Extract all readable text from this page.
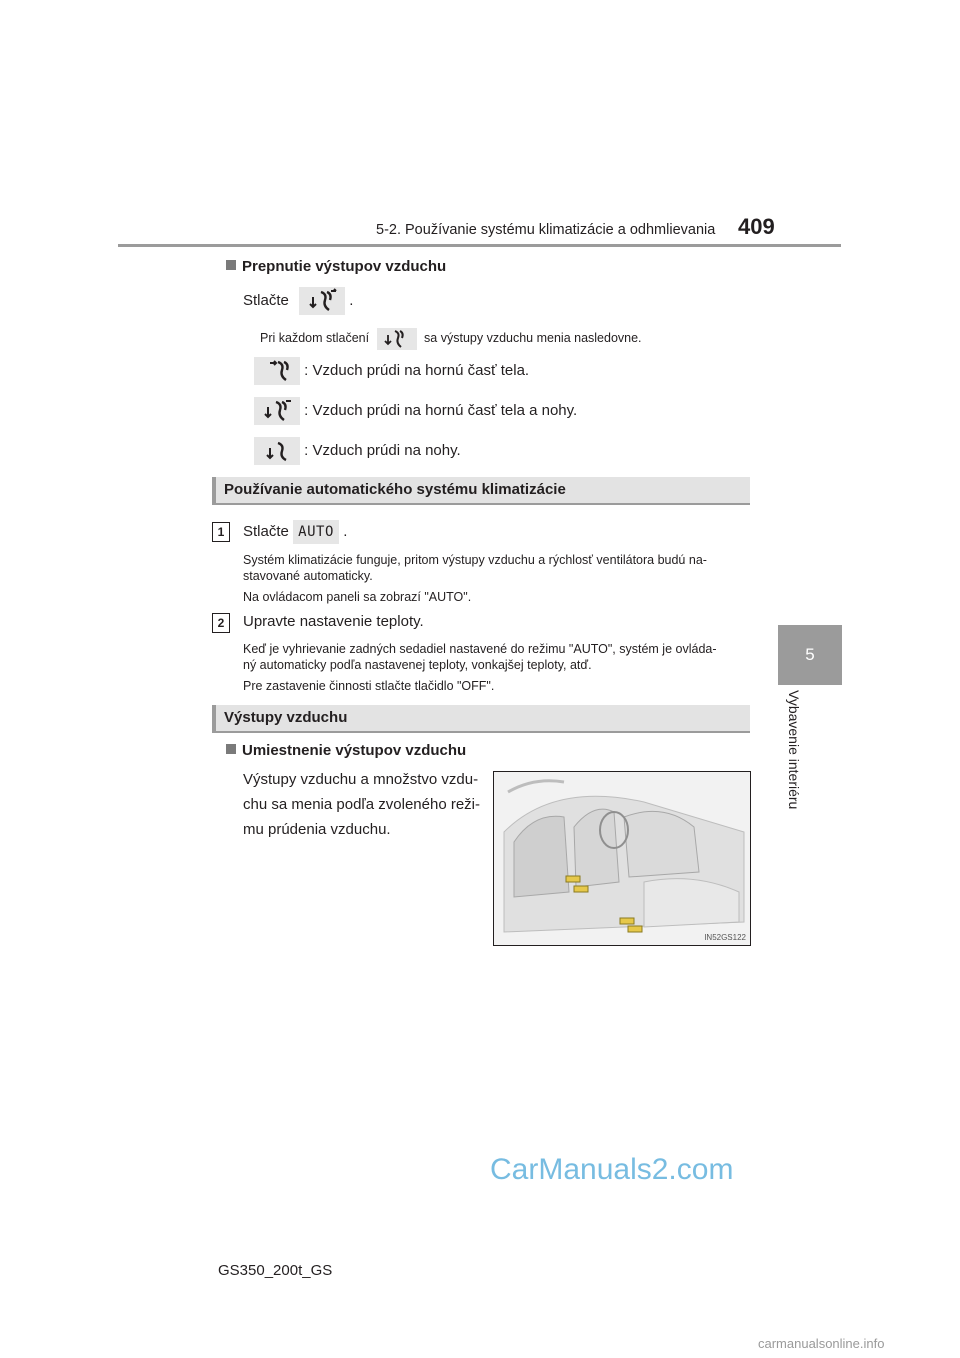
5-2. Používanie systému klimatizácie a odhmlievania 409
5
Vybavenie interiéru
Prepnutie výstupov vzduchu
Stlačte	.
Pri každom stlačení	sa výstupy vzduchu menia nasledovne.
: Vzduch prúdi na hornú časť tela.
: Vzduch prúdi na hornú časť tela a nohy.
: Vzduch prúdi na nohy.
Používanie automatického systému klimatizácie
1	Stlačte AUTO .
Systém klimatizácie funguje, pritom výstupy vzduchu a rýchlosť ventilátora budú na-
stavované automaticky.
Na ovládacom paneli sa zobrazí "AUTO".
2	Upravte nastavenie teploty.
Keď je vyhrievanie zadných sedadiel nastavené do režimu "AUTO", systém je ovláda-
ný automaticky podľa nastavenej teploty, vonkajšej teploty, atď.
Pre zastavenie činnosti stlačte tlačidlo "OFF".
Výstupy vzduchu
Umiestnenie výstupov vzduchu
Výstupy vzduchu a množstvo vzdu-
chu sa menia podľa zvoleného reži-
mu prúdenia vzduchu.
IN52GS122
CarManuals2.com
GS350_200t_GS
carmanualsonline.info
